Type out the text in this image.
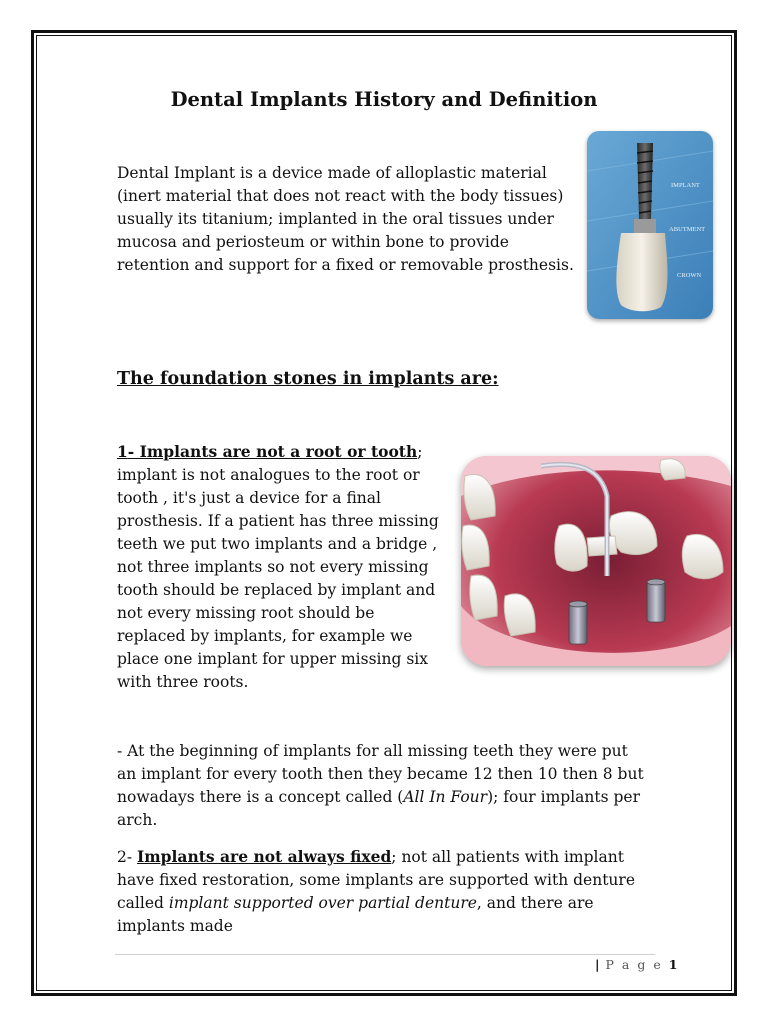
Dental Implants History and Definition
Dental Implant is a device made of alloplastic material (inert material that does not react with the body tissues) usually its titanium; implanted in the oral tissues under mucosa and periosteum or within bone to provide retention and support for a fixed or removable prosthesis.
IMPLANT
ABUTMENT
CROWN
The foundation stones in implants are:
1- Implants are not a root or tooth; implant is not analogues to the root or tooth , it's just a device for a final prosthesis. If a patient has three missing teeth we put two implants and a bridge , not three implants so not every missing tooth should be replaced by implant and not every missing root should be replaced by implants, for example we place one implant for upper missing six with three roots.
- At the beginning of implants for all missing teeth they were put an implant for every tooth then they became 12 then 10 then 8 but nowadays there is a concept called (All In Four); four implants per arch.
2- Implants are not always fixed; not all patients with implant have fixed restoration, some implants are supported with denture called implant supported over partial denture, and there are implants made
| P a g e 1
